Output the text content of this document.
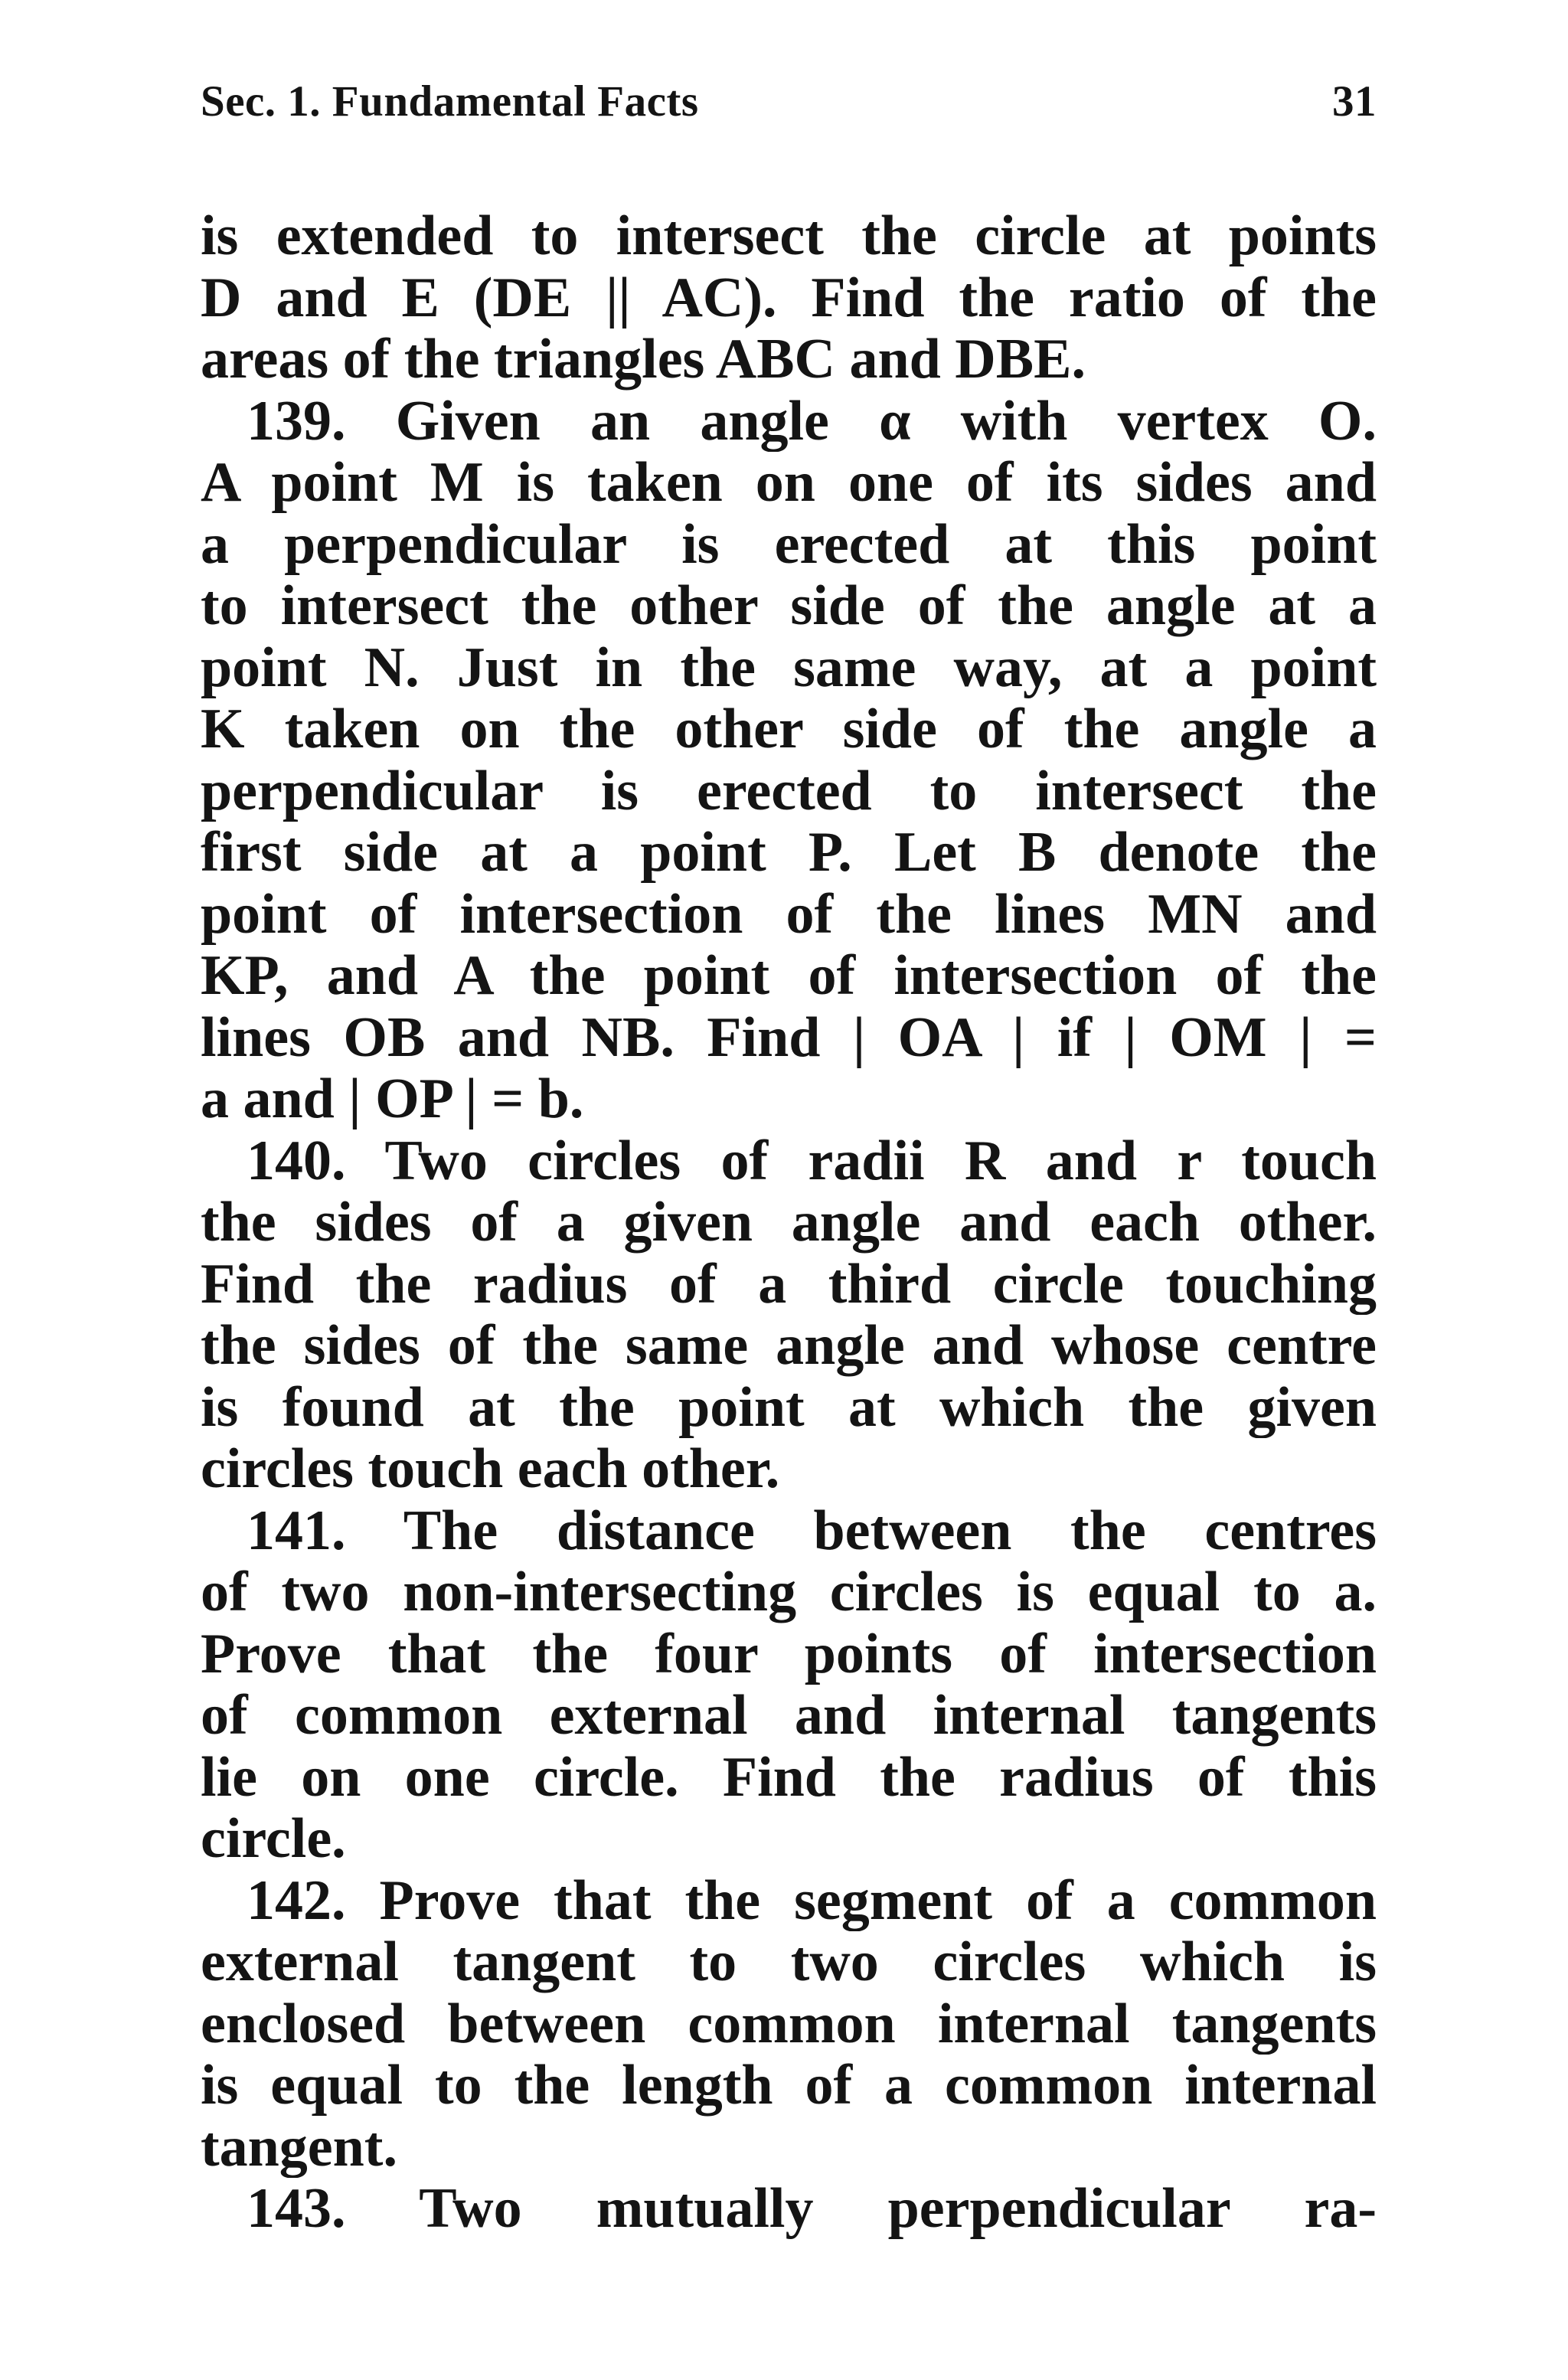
Sec. 1. Fundamental Facts	31
is extended to intersect the circle at points
D and E (DE || AC). Find the ratio of the
areas of the triangles ABC and DBE.
139. Given an angle α with vertex O.
A point M is taken on one of its sides and
a perpendicular is erected at this point
to intersect the other side of the angle at a
point N. Just in the same way, at a point
K taken on the other side of the angle a
perpendicular is erected to intersect the
first side at a point P. Let B denote the
point of intersection of the lines MN and
KP, and A the point of intersection of the
lines OB and NB. Find | OA | if | OM | =
a and | OP | = b.
140. Two circles of radii R and r touch
the sides of a given angle and each other.
Find the radius of a third circle touching
the sides of the same angle and whose centre
is found at the point at which the given
circles touch each other.
141. The distance between the centres
of two non-intersecting circles is equal to a.
Prove that the four points of intersection
of common external and internal tangents
lie on one circle. Find the radius of this
circle.
142. Prove that the segment of a common
external tangent to two circles which is
enclosed between common internal tangents
is equal to the length of a common internal
tangent.
143. Two mutually perpendicular ra-
